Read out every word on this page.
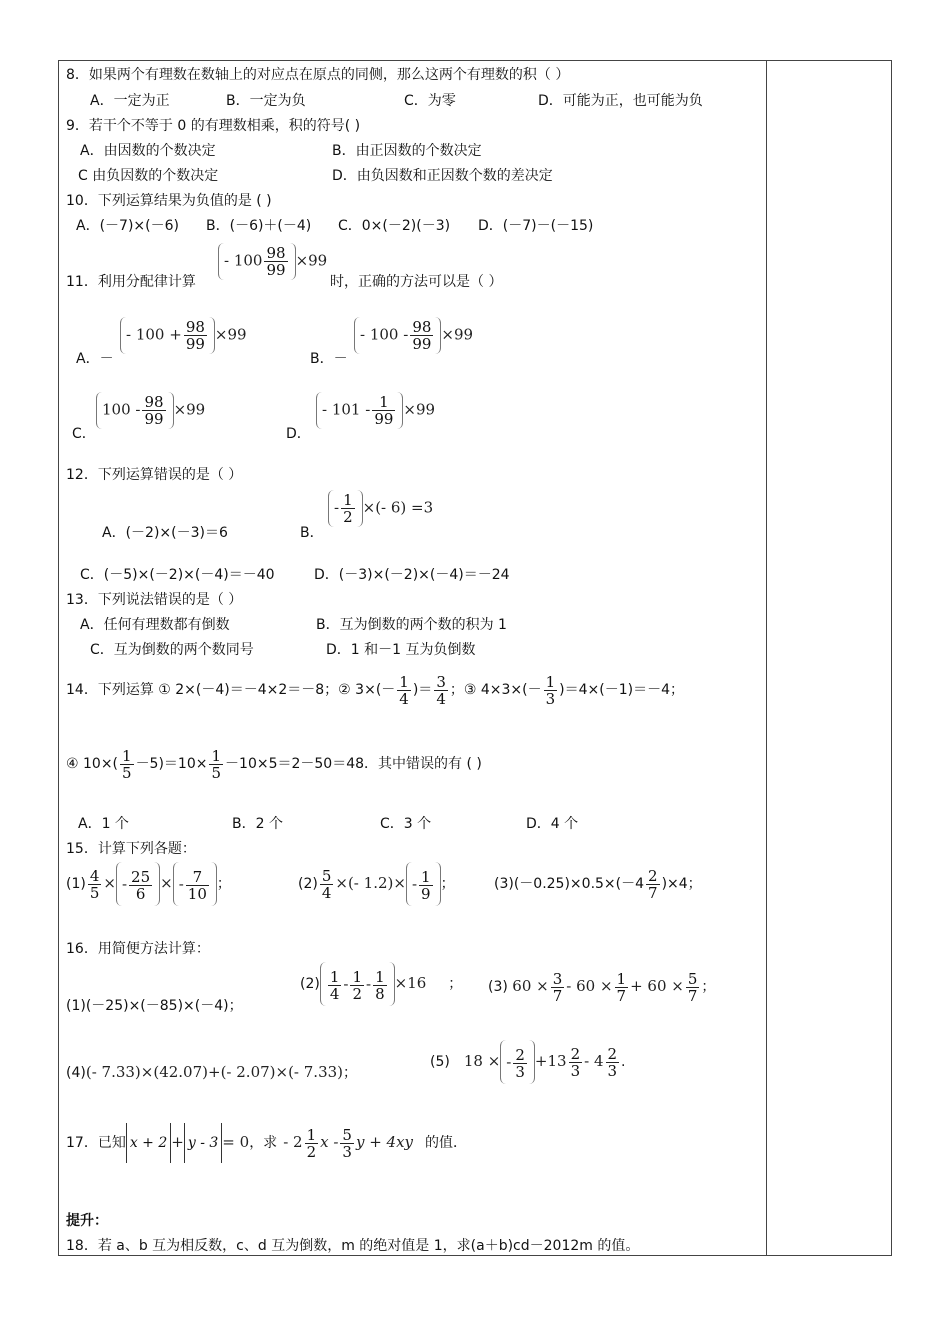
8．如果两个有理数在数轴上的对应点在原点的同侧，那么这两个有理数的积（ ）
A．一定为正	B．一定为负	C．为零	D．可能为正，也可能为负
9．若干个不等于 0 的有理数相乘，积的符号( )
A．由因数的个数决定	B．由正因数的个数决定
C 由负因数的个数决定	D．由负因数和正因数个数的差决定
10．下列运算结果为负值的是 ( )
A．(－7)×(－6) B．(－6)＋(－4) C．0×(－2)(－3) D．(－7)－(－15)
11．利用分配律计算
- $100 \frac{98}{99} \times 99$
时，正确的方法可以是（ ）
A．－
- $100 + \frac{98}{99} \times 99$
B．－
- $100 - \frac{98}{99} \times 99$
C．
$100 - \frac{98}{99} \times 99$
D．
- $101 - \frac{1}{99} \times 99$
12．下列运算错误的是（ ）
A．(－2)×(－3)＝6	B．
- $\frac{1}{2}$ ×(- 6) =3
C．(－5)×(－2)×(－4)＝－40	D．(－3)×(－2)×(－4)＝－24
13．下列说法错误的是（ ）
A．任何有理数都有倒数	B．互为倒数的两个数的积为 1
C．互为倒数的两个数同号	D．1 和－1 互为负倒数
14．下列运算 ① 2×(－4)＝－4×2＝－8；② $3\times(- \frac{1}{4}$ )＝ $\frac{3}{4}$ ；③ $4\times 3\times(- \frac{1}{3} )=4\times(-1)=-4$；
④ $10\times( \frac{1}{5} -5)=10\times \frac{1}{5} -10\times 5=2-50=48$．其中错误的有 ( )
A．1 个	B．2 个	C．3 个	D．4 个
15．计算下列各题：
$(1) \frac{4}{5}$ × - $\frac{25}{6}$ × - $\frac{7}{10}$ ；	$(2) \frac{5}{4}$ ×(- $1.2)\times - \frac{1}{9}$ ；	$(3)(-0.25)\times 0.5\times(-4 \frac{2}{7} )\times 4$；
16．用简便方法计算：
(1)(－25)×(－85)×(－4)；
$(2) \frac{1}{4} - \frac{1}{2} - \frac{1}{8} \times 16$ ； (3) $60 \times \frac{3}{7} - 60 \times \frac{1}{7} + 60 \times \frac{5}{7}$ ；
(4)(- 7.33)×(42.07)+(- 2.07)×(- 7.33)；
(5) 18 × - $\frac{2}{3} +13 \frac{2}{3} - 4 \frac{2}{3}$ .
17．已知 x + 2 + y - 3 = 0，求 - $2 \frac{1}{2}$ x - $\frac{5}{3}$ y + 4xy 的值．
提升：
18．若 a、b 互为相反数，c、d 互为倒数，m 的绝对值是 1，求(a＋b)cd－2012m 的值。
